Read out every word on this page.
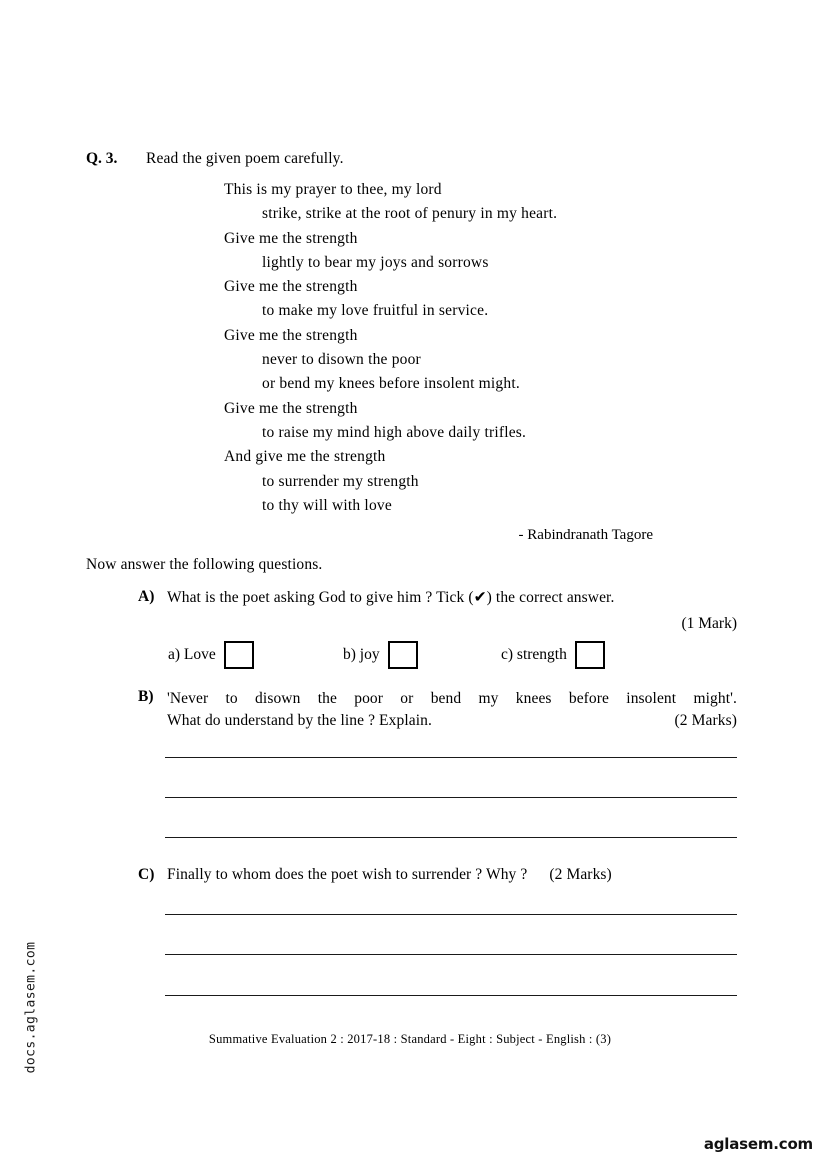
Q. 3. Read the given poem carefully.
This is my prayer to thee, my lord
strike, strike at the root of penury in my heart.
Give me the strength
lightly to bear my joys and sorrows
Give me the strength
to make my love fruitful in service.
Give me the strength
never to disown the poor
or bend my knees before insolent might.
Give me the strength
to raise my mind high above daily trifles.
And give me the strength
to surrender my strength
to thy will with love
- Rabindranath Tagore
Now answer the following questions.
A) What is the poet asking God to give him ? Tick (✔) the correct answer.
(1 Mark)
a) Love	b) joy	c) strength
B) 'Never to disown the poor or bend my knees before insolent might'.
What do understand by the line ? Explain.	(2 Marks)
C) Finally to whom does the poet wish to surrender ? Why ? (2 Marks)
Summative Evaluation 2 : 2017-18 : Standard - Eight : Subject - English : (3)
docs.aglasem.com
aglasem.com
